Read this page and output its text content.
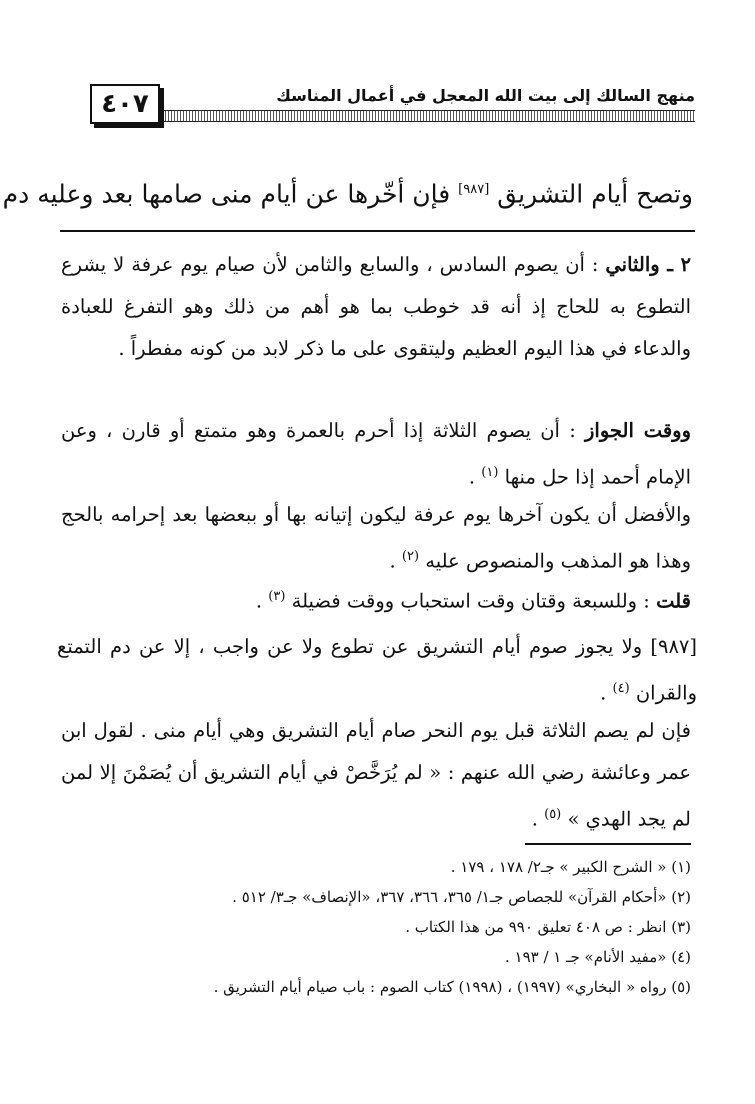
منهج السالك إلى بيت الله المعجل في أعمال المناسك
٤٠٧
وتصح أيام التشريق [٩٨٧] فإن أخّرها عن أيام منى صامها بعد وعليه دم
٢ ـ والثاني : أن يصوم السادس ، والسابع والثامن لأن صيام يوم عرفة لا يشرع التطوع به للحاج إذ أنه قد خوطب بما هو أهم من ذلك وهو التفرغ للعبادة والدعاء في هذا اليوم العظيم وليتقوى على ما ذكر لابد من كونه مفطراً .
ووقت الجواز : أن يصوم الثلاثة إذا أحرم بالعمرة وهو متمتع أو قارن ، وعن الإمام أحمد إذا حل منها $^{(١)}$ .
والأفضل أن يكون آخرها يوم عرفة ليكون إتيانه بها أو ببعضها بعد إحرامه بالحج وهذا هو المذهب والمنصوص عليه $^{(٢)}$ .
قلت : وللسبعة وقتان وقت استحباب ووقت فضيلة $^{(٣)}$ .
[٩٨٧] ولا يجوز صوم أيام التشريق عن تطوع ولا عن واجب ، إلا عن دم التمتع والقران $^{(٤)}$ .
فإن لم يصم الثلاثة قبل يوم النحر صام أيام التشريق وهي أيام منى . لقول ابن عمر وعائشة رضي الله عنهم : « لم يُرَخَّصْ في أيام التشريق أن يُصَمْنَ إلا لمن لم يجد الهدي » $^{(٥)}$ .
(١) « الشرح الكبير » جـ٢/ ١٧٨ ، ١٧٩ .
(٢) «أحكام القرآن» للجصاص جـ١/ ٣٦٥، ٣٦٦، ٣٦٧، «الإنصاف» جـ٣/ ٥١٢ .
(٣) انظر : ص ٤٠٨ تعليق ٩٩٠ من هذا الكتاب .
(٤) «مفيد الأنام» جـ ١ / ١٩٣ .
(٥) رواه « البخاري» (١٩٩٧) ، (١٩٩٨) كتاب الصوم : باب صيام أيام التشريق .
